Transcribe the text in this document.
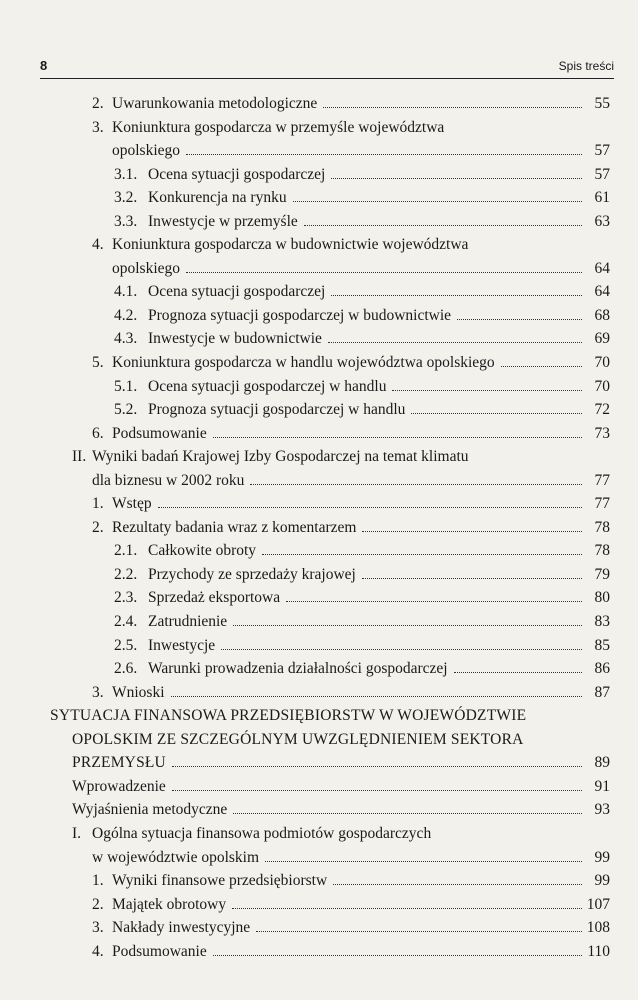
8	Spis treści
2. Uwarunkowania metodologiczne	55
3. Koniunktura gospodarcza w przemyśle województwa
opolskiego	57
3.1. Ocena sytuacji gospodarczej	57
3.2. Konkurencja na rynku	61
3.3. Inwestycje w przemyśle	63
4. Koniunktura gospodarcza w budownictwie województwa
opolskiego	64
4.1. Ocena sytuacji gospodarczej	64
4.2. Prognoza sytuacji gospodarczej w budownictwie	68
4.3. Inwestycje w budownictwie	69
5. Koniunktura gospodarcza w handlu województwa opolskiego	70
5.1. Ocena sytuacji gospodarczej w handlu	70
5.2. Prognoza sytuacji gospodarczej w handlu	72
6. Podsumowanie	73
II. Wyniki badań Krajowej Izby Gospodarczej na temat klimatu
dla biznesu w 2002 roku	77
1. Wstęp	77
2. Rezultaty badania wraz z komentarzem	78
2.1. Całkowite obroty	78
2.2. Przychody ze sprzedaży krajowej	79
2.3. Sprzedaż eksportowa	80
2.4. Zatrudnienie	83
2.5. Inwestycje	85
2.6. Warunki prowadzenia działalności gospodarczej	86
3. Wnioski	87
SYTUACJA FINANSOWA PRZEDSIĘBIORSTW W WOJEWÓDZTWIE
OPOLSKIM ZE SZCZEGÓLNYM UWZGLĘDNIENIEM SEKTORA
PRZEMYSŁU	89
Wprowadzenie	91
Wyjaśnienia metodyczne	93
I. Ogólna sytuacja finansowa podmiotów gospodarczych
w województwie opolskim	99
1. Wyniki finansowe przedsiębiorstw	99
2. Majątek obrotowy	107
3. Nakłady inwestycyjne	108
4. Podsumowanie	110
